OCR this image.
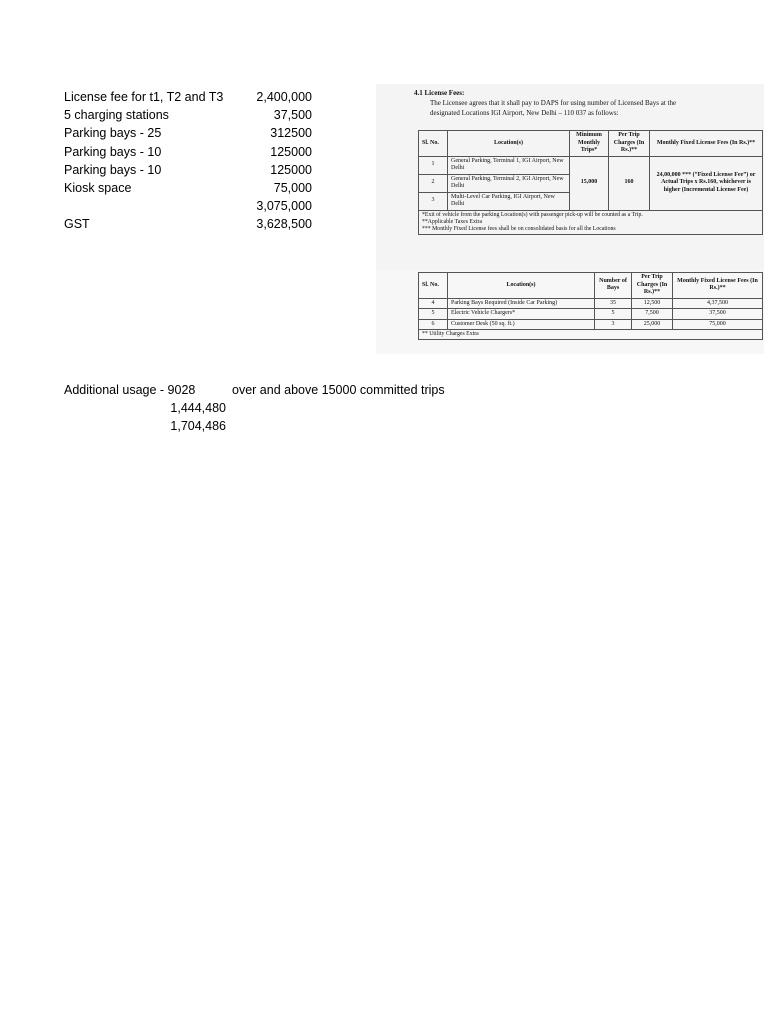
License fee for t1, T2 and T3	2,400,000
5 charging stations	37,500
Parking bays - 25	312500
Parking bays - 10	125000
Parking bays - 10	125000
Kiosk space	75,000
3,075,000
GST	3,628,500
Additional usage - 9028	over and above 15000 committed trips
1,444,480
1,704,486
4.1 License Fees:
The Licensee agrees that it shall pay to DAPS for using number of Licensed Bays at the
designated Locations IGI Airport, New Delhi – 110 037 as follows:
Sl. No.	Location(s)	Minimum Monthly Trips*	Per Trip Charges (In Rs.)**	Monthly Fixed License Fees (In Rs.)**
1	General Parking, Terminal 1, IGI Airport, New Delhi	15,000	160	24,00,000 *** (“Fixed License Fee”) or Actual Trips x Rs.160, whichever is higher (Incremental License Fee)
2	General Parking, Terminal 2, IGI Airport, New Delhi			
3	Multi-Level Car Parking, IGI Airport, New Delhi			

*Exit of vehicle from the parking Location(s) with passenger pick-up will be counted as a Trip.
**Applicable Taxes Extra
*** Monthly Fixed License fees shall be on consolidated basis for all the Locations				
Sl. No.	Location(s)	Number of Bays	Per Trip Charges (In Rs.)**	Monthly Fixed License Fees (In Rs.)**
4	Parking Bays Required (Inside Car Parking)	35	12,500	4,37,500
5	Electric Vehicle Chargers*	5	7,500	37,500
6	Customer Desk (50 sq. ft.)	3	25,000	75,000
** Utility Charges Extra				
